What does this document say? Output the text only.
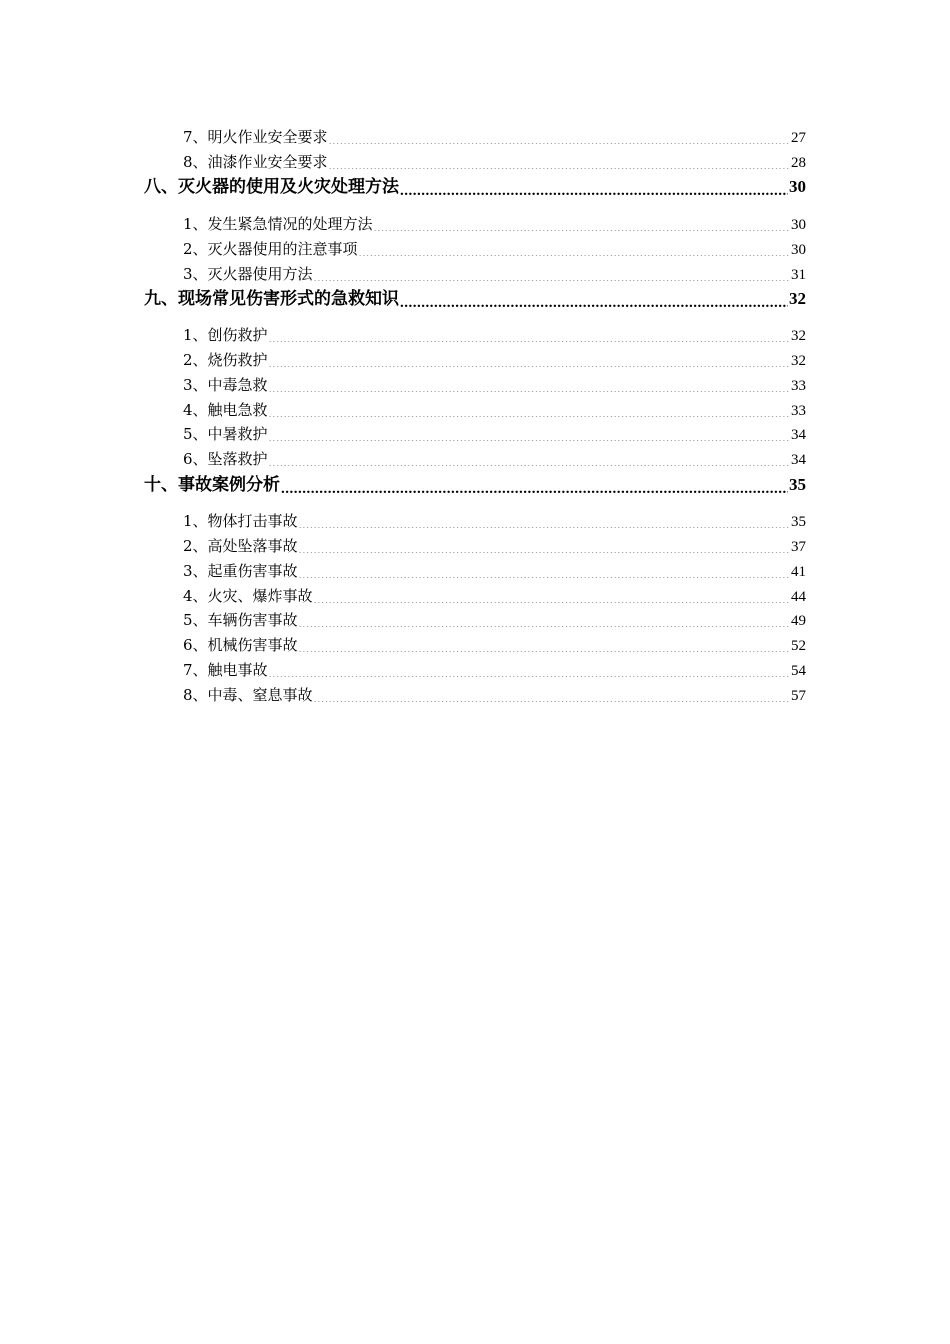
7、明火作业安全要求 .....	27
8、油漆作业安全要求 .....	28
八、灭火器的使用及火灾处理方法 .....	30
1、发生紧急情况的处理方法 .....	30
2、灭火器使用的注意事项 .....	30
3、灭火器使用方法 .....	31
九、现场常见伤害形式的急救知识 .....	32
1、创伤救护 .....	32
2、烧伤救护 .....	32
3、中毒急救 .....	33
4、触电急救 .....	33
5、中暑救护 .....	34
6、坠落救护 .....	34
十、事故案例分析 .....	35
1、物体打击事故 .....	35
2、高处坠落事故 .....	37
3、起重伤害事故 .....	41
4、火灾、爆炸事故 .....	44
5、车辆伤害事故 .....	49
6、机械伤害事故 .....	52
7、触电事故 .....	54
8、中毒、窒息事故 .....	57
